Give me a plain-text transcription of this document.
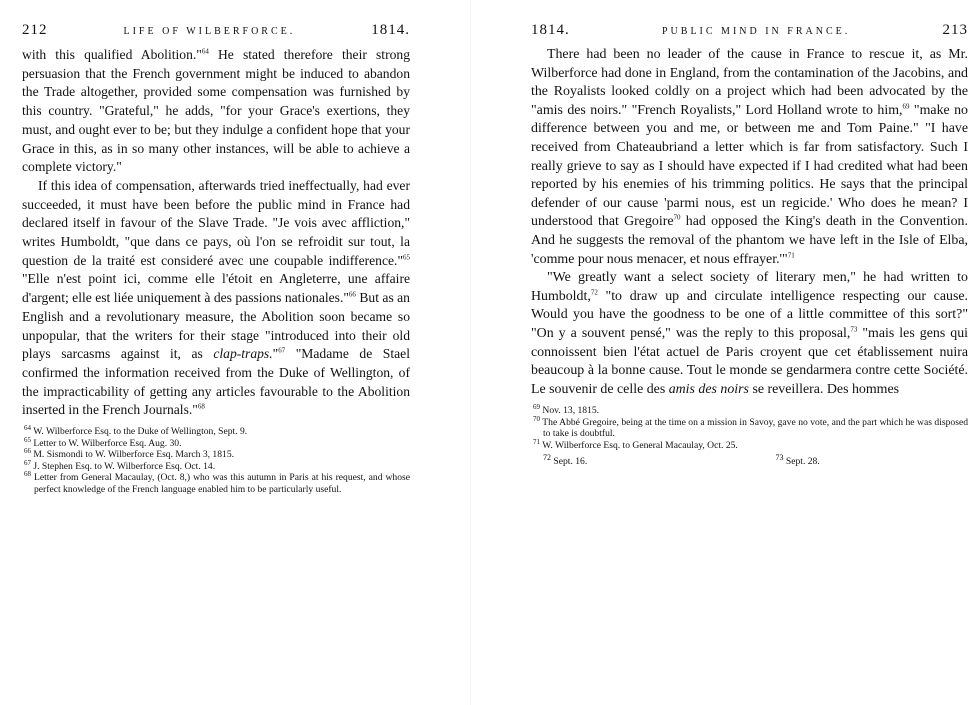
212	LIFE OF WILBERFORCE.	1814.

with this qualified Abolition."$^{64}$ He stated therefore their strong persuasion that the French government might be induced to abandon the Trade altogether, provided some compensation was furnished by this country. "Grateful," he adds, "for your Grace's exertions, they must, and ought ever to be; but they indulge a confident hope that your Grace in this, as in so many other instances, will be able to achieve a complete victory."

If this idea of compensation, afterwards tried ineffectually, had ever succeeded, it must have been before the public mind in France had declared itself in favour of the Slave Trade. "Je vois avec affliction," writes Humboldt, "que dans ce pays, où l'on se refroidit sur tout, la question de la traité est consideré avec une coupable indifference."$^{65}$ "Elle n'est point ici, comme elle l'étoit en Angleterre, une affaire d'argent; elle est liée uniquement à des passions nationales."$^{66}$ But as an English and a revolutionary measure, the Abolition soon became so unpopular, that the writers for their stage "introduced into their old plays sarcasms against it, as clap-traps."$^{67}$ "Madame de Stael confirmed the information received from the Duke of Wellington, of the impracticability of getting any articles favourable to the Abolition inserted in the French Journals."$^{68}$

$^{64}$ W. Wilberforce Esq. to the Duke of Wellington, Sept. 9.

$^{65}$ Letter to W. Wilberforce Esq. Aug. 30.

$^{66}$ M. Sismondi to W. Wilberforce Esq. March 3, 1815.

$^{67}$ J. Stephen Esq. to W. Wilberforce Esq. Oct. 14.

$^{68}$ Letter from General Macaulay, (Oct. 8,) who was this autumn in Paris at his request, and whose perfect knowledge of the French language enabled him to be particularly useful.

1814.	PUBLIC MIND IN FRANCE.	213

There had been no leader of the cause in France to rescue it, as Mr. Wilberforce had done in England, from the contamination of the Jacobins, and the Royalists looked coldly on a project which had been advocated by the "amis des noirs." "French Royalists," Lord Holland wrote to him,$^{69}$ "make no difference between you and me, or between me and Tom Paine." "I have received from Chateaubriand a letter which is far from satisfactory. Such I really grieve to say as I should have expected if I had credited what had been reported by his enemies of his trimming politics. He says that the principal defender of our cause 'parmi nous, est un regicide.' Who does he mean? I understood that Gregoire$^{70}$ had opposed the King's death in the Convention. And he suggests the removal of the phantom we have left in the Isle of Elba, 'comme pour nous menacer, et nous effrayer.'"$^{71}$

"We greatly want a select society of literary men," he had written to Humboldt,$^{72}$ "to draw up and circulate intelligence respecting our cause. Would you have the goodness to be one of a little committee of this sort?" "On y a souvent pensé," was the reply to this proposal,$^{73}$ "mais les gens qui connoissent bien l'état actuel de Paris croyent que cet établissement nuira beaucoup à la bonne cause. Tout le monde se gendarmera contre cette Société. Le souvenir de celle des amis des noirs se reveillera. Des hommes

$^{69}$ Nov. 13, 1815.

$^{70}$ The Abbé Gregoire, being at the time on a mission in Savoy, gave no vote, and the part which he was disposed to take is doubtful.

$^{71}$ W. Wilberforce Esq. to General Macaulay, Oct. 25.

$^{72}$ Sept. 16.	$^{73}$ Sept. 28.
